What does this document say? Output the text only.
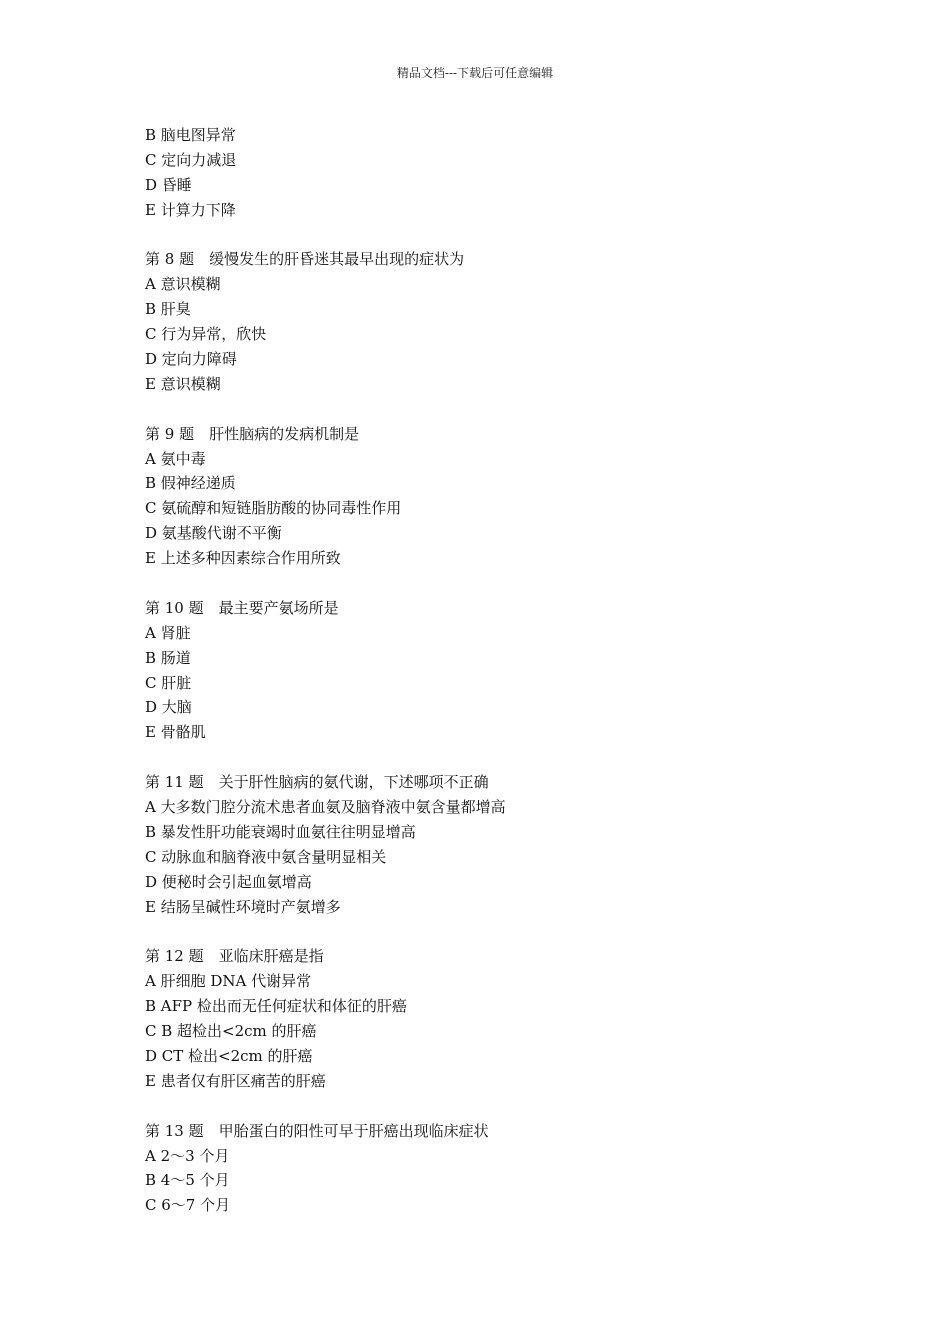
精品文档---下载后可任意编辑
B 脑电图异常
C 定向力减退
D 昏睡
E 计算力下降
第 8 题　缓慢发生的肝昏迷其最早出现的症状为
A 意识模糊
B 肝臭
C 行为异常，欣快
D 定向力障碍
E 意识模糊
第 9 题　肝性脑病的发病机制是
A 氨中毒
B 假神经递质
C 氨硫醇和短链脂肪酸的协同毒性作用
D 氨基酸代谢不平衡
E 上述多种因素综合作用所致
第 10 题　最主要产氨场所是
A 肾脏
B 肠道
C 肝脏
D 大脑
E 骨骼肌
第 11 题　关于肝性脑病的氨代谢，下述哪项不正确
A 大多数门腔分流术患者血氨及脑脊液中氨含量都增高
B 暴发性肝功能衰竭时血氨往往明显增高
C 动脉血和脑脊液中氨含量明显相关
D 便秘时会引起血氨增高
E 结肠呈碱性环境时产氨增多
第 12 题　亚临床肝癌是指
A 肝细胞 DNA 代谢异常
B AFP 检出而无任何症状和体征的肝癌
C B 超检出<2cm 的肝癌
D CT 检出<2cm 的肝癌
E 患者仅有肝区痛苦的肝癌
第 13 题　甲胎蛋白的阳性可早于肝癌出现临床症状
A 2～3 个月
B 4～5 个月
C 6～7 个月
